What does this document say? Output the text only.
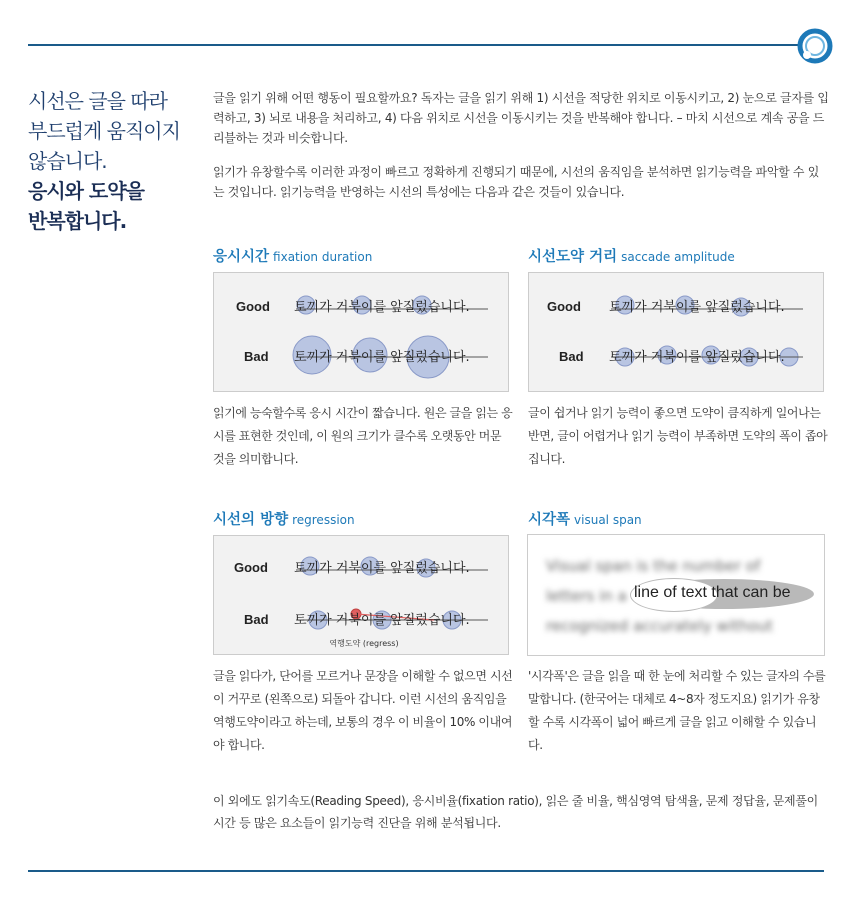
시선은 글을 따라
부드럽게 움직이지
않습니다.
응시와 도약을
반복합니다.
글을 읽기 위해 어떤 행동이 필요할까요? 독자는 글을 읽기 위해 1) 시선을 적당한 위치로 이동시키고, 2) 눈으로 글자를 입력하고, 3) 뇌로 내용을 처리하고, 4) 다음 위치로 시선을 이동시키는 것을 반복해야 합니다. – 마치 시선으로 계속 공을 드리블하는 것과 비슷합니다.
읽기가 유창할수록 이러한 과정이 빠르고 정확하게 진행되기 때문에, 시선의 움직임을 분석하면 읽기능력을 파악할 수 있는 것입니다. 읽기능력을 반영하는 시선의 특성에는 다음과 같은 것들이 있습니다.
응시시간 fixation duration
Good
Bad
토끼가 거북이를 앞질렀습니다.
토끼가 거북이를 앞질렀습니다.
읽기에 능숙할수록 응시 시간이 짧습니다. 원은 글을 읽는 응시를 표현한 것인데, 이 원의 크기가 클수록 오랫동안 머문 것을 의미합니다.
시선도약 거리 saccade amplitude
Good
Bad
토끼가 거북이를 앞질렀습니다.
토끼가 거북이를 앞질렀습니다.
글이 쉽거나 읽기 능력이 좋으면 도약이 큼직하게 일어나는 반면, 글이 어렵거나 읽기 능력이 부족하면 도약의 폭이 좁아집니다.
시선의 방향 regression
Good
Bad
토끼가 거북이를 앞질렀습니다.
토끼가 거북이를 앞질렀습니다.
역행도약 (regress)
글을 읽다가, 단어를 모르거나 문장을 이해할 수 없으면 시선이 거꾸로 (왼쪽으로) 되돌아 갑니다. 이런 시선의 움직임을 역행도약이라고 하는데, 보통의 경우 이 비율이 10% 이내여야 합니다.
시각폭 visual span
Visual span is the number of
letters in a
recognized accurately without
line of text that can be
'시각폭'은 글을 읽을 때 한 눈에 처리할 수 있는 글자의 수를 말합니다. (한국어는 대체로 4~8자 정도지요) 읽기가 유창할 수록 시각폭이 넓어 빠르게 글을 읽고 이해할 수 있습니다.
이 외에도 읽기속도(Reading Speed), 응시비율(fixation ratio), 읽은 줄 비율, 핵심영역 탐색율, 문제 정답율, 문제풀이 시간 등 많은 요소들이 읽기능력 진단을 위해 분석됩니다.
